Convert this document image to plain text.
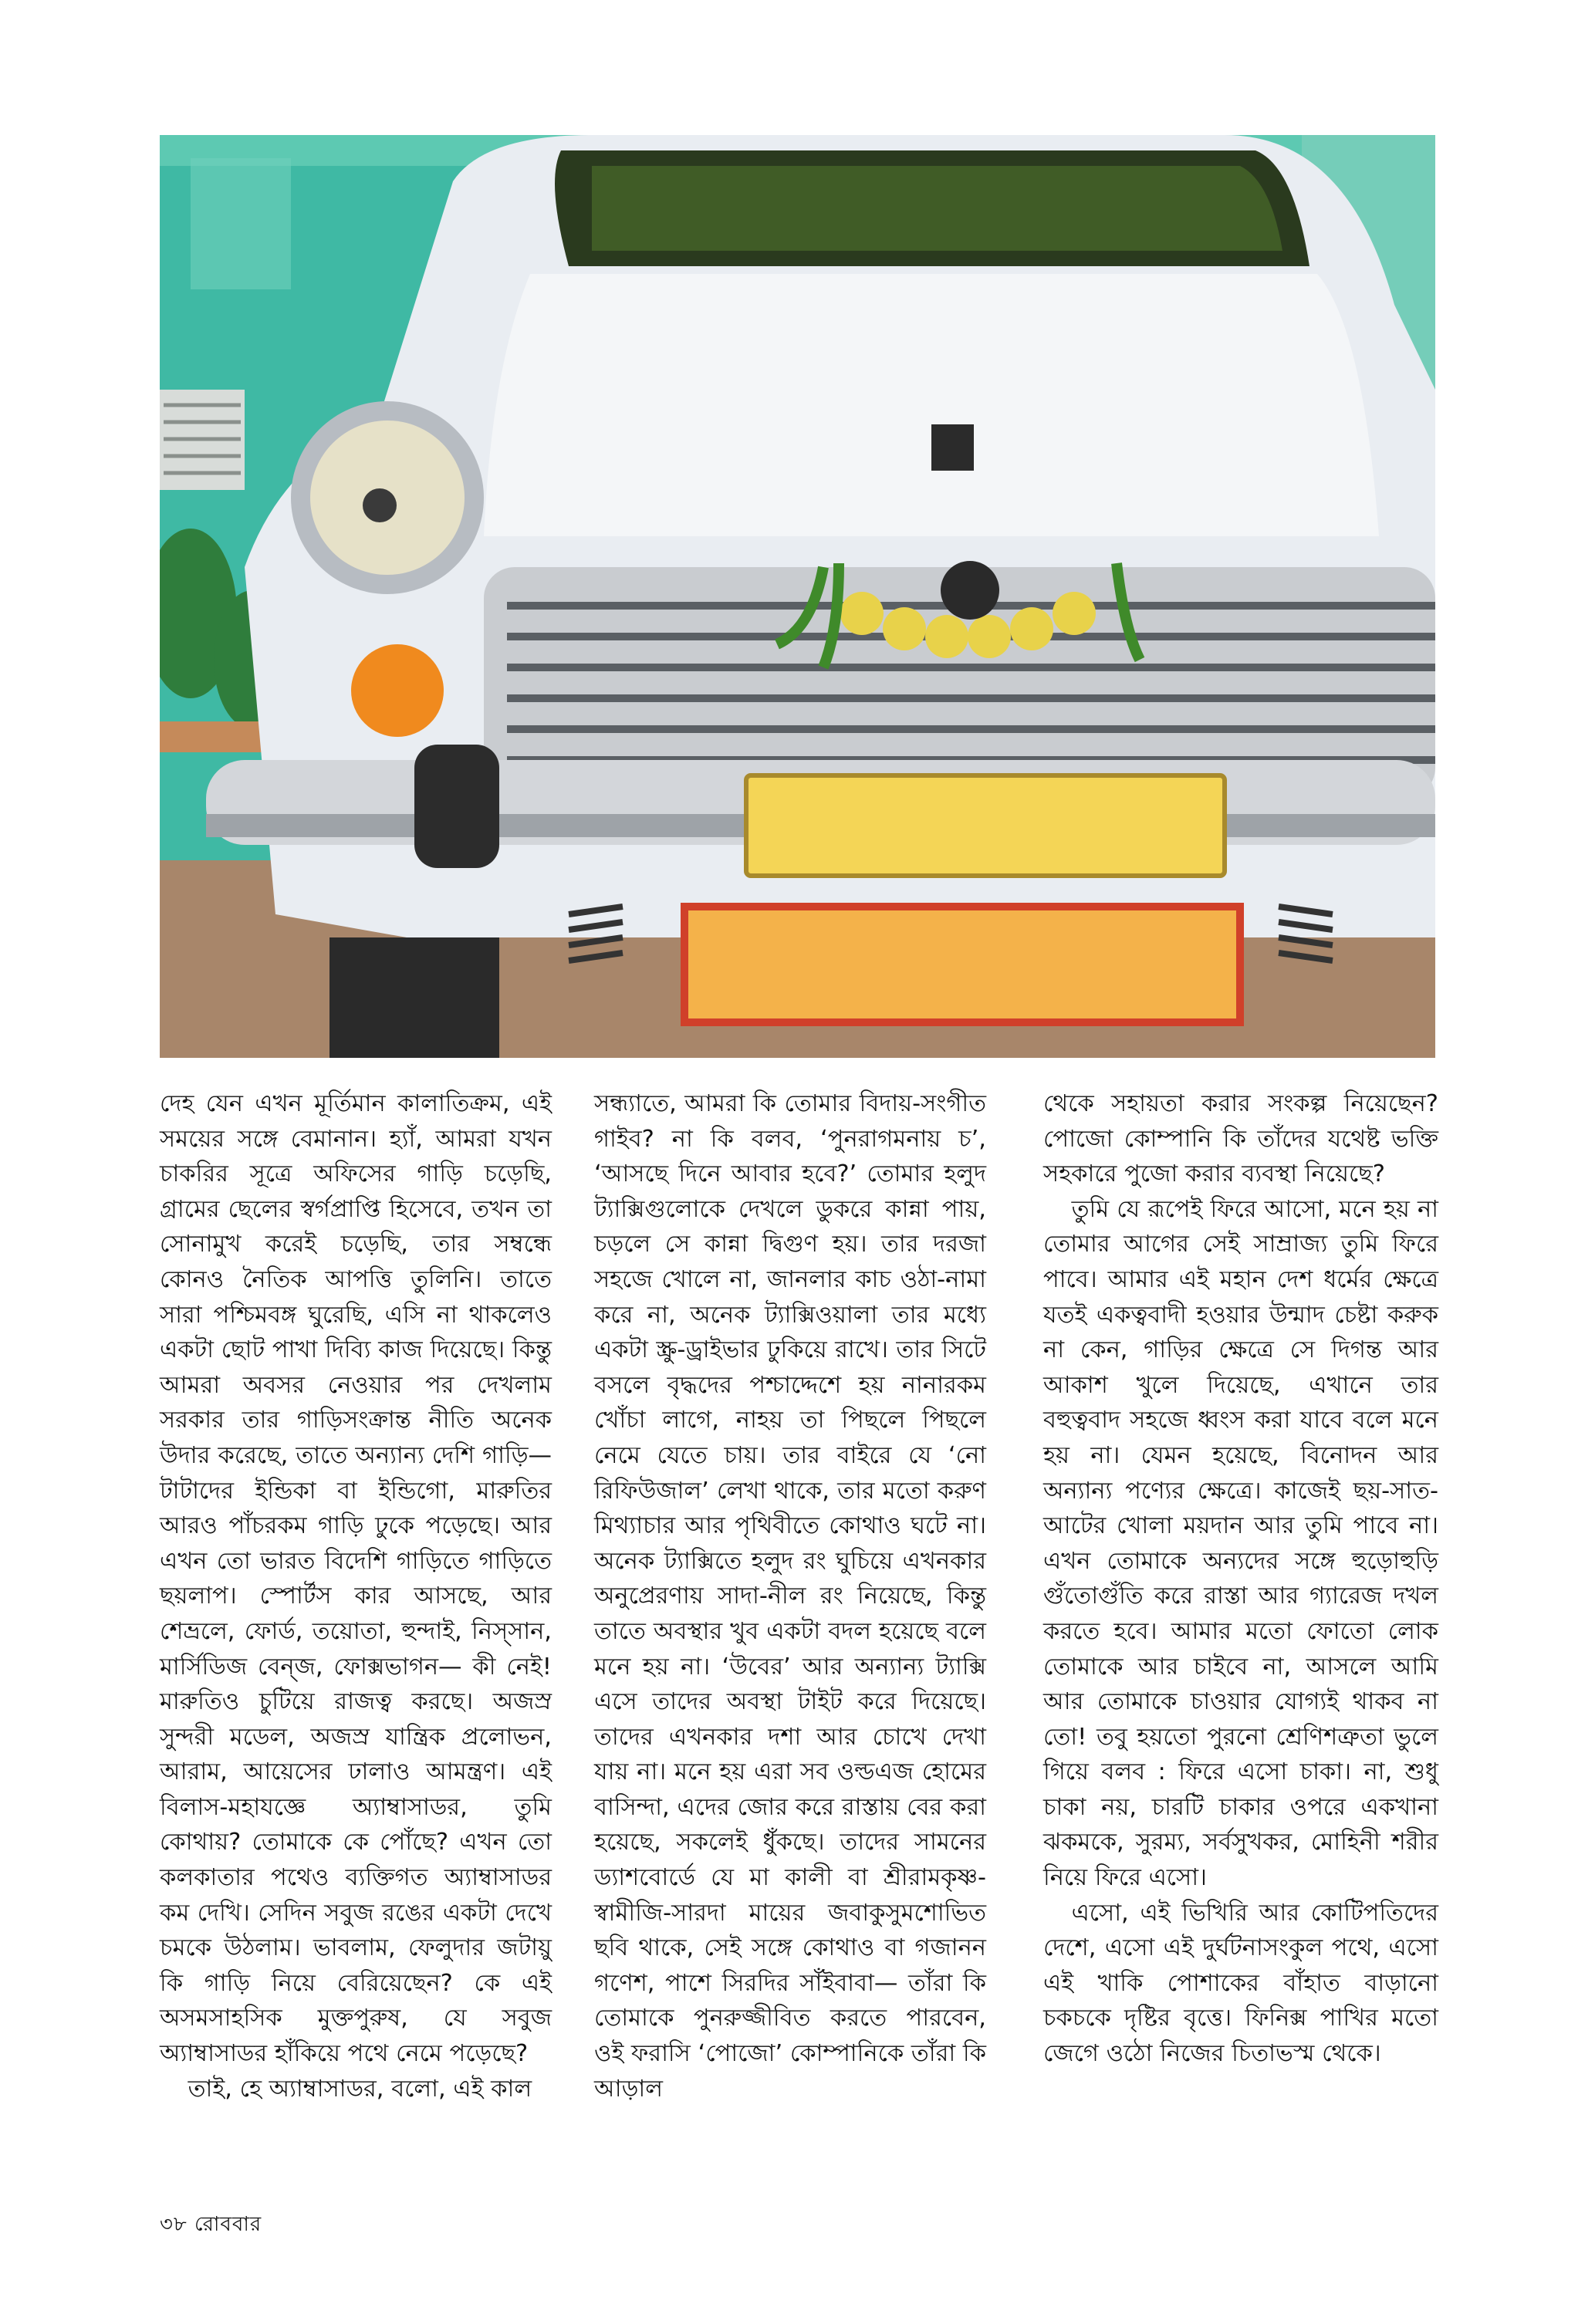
দেহ যেন এখন মূর্তিমান কালাতিক্রম, এই সময়ের সঙ্গে বেমানান। হ্যাঁ, আমরা যখন চাকরির সূত্রে অফিসের গাড়ি চড়েছি, গ্রামের ছেলের স্বর্গপ্রাপ্তি হিসেবে, তখন তা সোনামুখ করেই চড়েছি, তার সম্বন্ধে কোনও নৈতিক আপত্তি তুলিনি। তাতে সারা পশ্চিমবঙ্গ ঘুরেছি, এসি না থাকলেও একটা ছোট পাখা দিব্যি কাজ দিয়েছে। কিন্তু আমরা অবসর নেওয়ার পর দেখলাম সরকার তার গাড়িসংক্রান্ত নীতি অনেক উদার করেছে, তাতে অন্যান্য দেশি গাড়ি— টাটাদের ইন্ডিকা বা ইন্ডিগো, মারুতির আরও পাঁচরকম গাড়ি ঢুকে পড়েছে। আর এখন তো ভারত বিদেশি গাড়িতে গাড়িতে ছয়লাপ। স্পোর্টস কার আসছে, আর শেভ্রলে, ফোর্ড, তয়োতা, হুন্দাই, নিস্‌সান, মার্সিডিজ বেন্‌জ, ফোক্সভাগন— কী নেই! মারুতিও চুটিয়ে রাজত্ব করছে। অজস্র সুন্দরী মডেল, অজস্র যান্ত্রিক প্রলোভন, আরাম, আয়েসের ঢালাও আমন্ত্রণ। এই বিলাস-মহাযজ্ঞে অ্যাম্বাসাডর, তুমি কোথায়? তোমাকে কে পোঁছে? এখন তো কলকাতার পথেও ব্যক্তিগত অ্যাম্বাসাডর কম দেখি। সেদিন সবুজ রঙের একটা দেখে চমকে উঠলাম। ভাবলাম, ফেলুদার জটায়ু কি গাড়ি নিয়ে বেরিয়েছেন? কে এই অসমসাহসিক মুক্তপুরুষ, যে সবুজ অ্যাম্বাসাডর হাঁকিয়ে পথে নেমে পড়েছে?

তাই, হে অ্যাম্বাসাডর, বলো, এই কাল

সন্ধ্যাতে, আমরা কি তোমার বিদায়-সংগীত গাইব? না কি বলব, ‘পুনরাগমনায় চ’, ‘আসছে দিনে আবার হবে?’ তোমার হলুদ ট্যাক্সিগুলোকে দেখলে ডুকরে কান্না পায়, চড়লে সে কান্না দ্বিগুণ হয়। তার দরজা সহজে খোলে না, জানলার কাচ ওঠা-নামা করে না, অনেক ট্যাক্সিওয়ালা তার মধ্যে একটা স্ক্রু-ড্রাইভার ঢুকিয়ে রাখে। তার সিটে বসলে বৃদ্ধদের পশ্চাদ্দেশে হয় নানারকম খোঁচা লাগে, নাহয় তা পিছলে পিছলে নেমে যেতে চায়। তার বাইরে যে ‘নো রিফিউজাল’ লেখা থাকে, তার মতো করুণ মিথ্যাচার আর পৃথিবীতে কোথাও ঘটে না। অনেক ট্যাক্সিতে হলুদ রং ঘুচিয়ে এখনকার অনুপ্রেরণায় সাদা-নীল রং নিয়েছে, কিন্তু তাতে অবস্থার খুব একটা বদল হয়েছে বলে মনে হয় না। ‘উবের’ আর অন্যান্য ট্যাক্সি এসে তাদের অবস্থা টাইট করে দিয়েছে। তাদের এখনকার দশা আর চোখে দেখা যায় না। মনে হয় এরা সব ওল্ডএজ হোমের বাসিন্দা, এদের জোর করে রাস্তায় বের করা হয়েছে, সকলেই ধুঁকছে। তাদের সামনের ড্যাশবোর্ডে যে মা কালী বা শ্রীরামকৃষ্ণ-স্বামীজি-সারদা মায়ের জবাকুসুমশোভিত ছবি থাকে, সেই সঙ্গে কোথাও বা গজানন গণেশ, পাশে সিরদির সাঁইবাবা— তাঁরা কি তোমাকে পুনরুজ্জীবিত করতে পারবেন, ওই ফরাসি ‘পোজো’ কোম্পানিকে তাঁরা কি আড়াল

থেকে সহায়তা করার সংকল্প নিয়েছেন? পোজো কোম্পানি কি তাঁদের যথেষ্ট ভক্তি সহকারে পুজো করার ব্যবস্থা নিয়েছে?

তুমি যে রূপেই ফিরে আসো, মনে হয় না তোমার আগের সেই সাম্রাজ্য তুমি ফিরে পাবে। আমার এই মহান দেশ ধর্মের ক্ষেত্রে যতই একত্ববাদী হওয়ার উন্মাদ চেষ্টা করুক না কেন, গাড়ির ক্ষেত্রে সে দিগন্ত আর আকাশ খুলে দিয়েছে, এখানে তার বহুত্ববাদ সহজে ধ্বংস করা যাবে বলে মনে হয় না। যেমন হয়েছে, বিনোদন আর অন্যান্য পণ্যের ক্ষেত্রে। কাজেই ছয়-সাত-আটের খোলা ময়দান আর তুমি পাবে না। এখন তোমাকে অন্যদের সঙ্গে হুড়োহুড়ি গুঁতোগুঁতি করে রাস্তা আর গ্যারেজ দখল করতে হবে। আমার মতো ফোতো লোক তোমাকে আর চাইবে না, আসলে আমি আর তোমাকে চাওয়ার যোগ্যই থাকব না তো! তবু হয়তো পুরনো শ্রেণিশত্রুতা ভুলে গিয়ে বলব : ফিরে এসো চাকা। না, শুধু চাকা নয়, চারটি চাকার ওপরে একখানা ঝকমকে, সুরম্য, সর্বসুখকর, মোহিনী শরীর নিয়ে ফিরে এসো।

এসো, এই ভিখিরি আর কোটিপতিদের দেশে, এসো এই দুর্ঘটনাসংকুল পথে, এসো এই খাকি পোশাকের বাঁহাত বাড়ানো চকচকে দৃষ্টির বৃত্তে। ফিনিক্স পাখির মতো জেগে ওঠো নিজের চিতাভস্ম থেকে।

৩৮ রোববার
